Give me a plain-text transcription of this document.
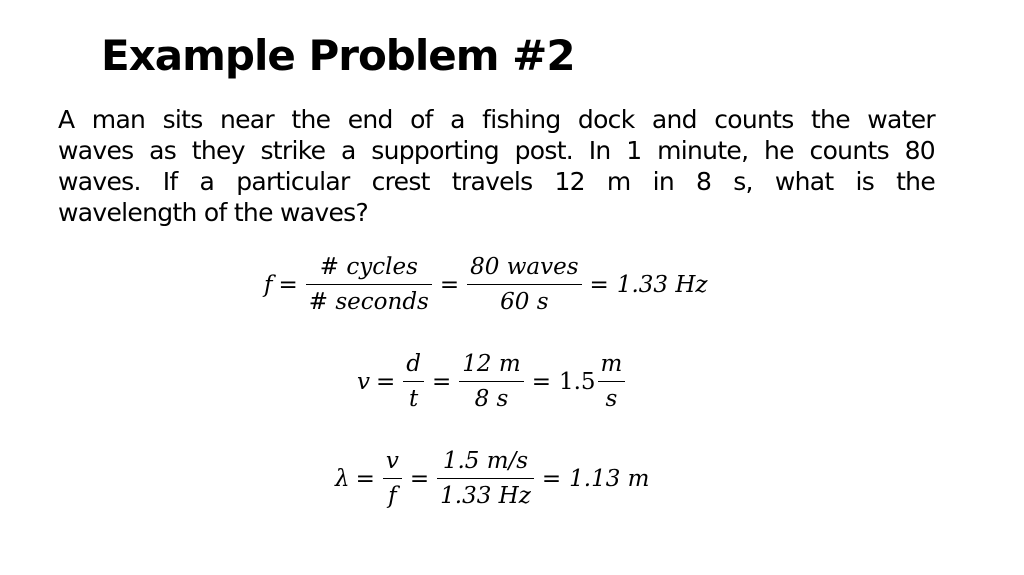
Example Problem #2
A man sits near the end of a fishing dock and counts the water
waves as they strike a supporting post. In 1 minute, he counts 80
waves. If a particular crest travels 12 m in 8 s, what is the
wavelength of the waves?
$f = \frac{\text{\# cycles}}{\text{\# seconds}} = \frac{\text{80 waves}}{60 s} = 1.33$ Hz
$v = \frac{d}{t} = \frac{12 m}{8 s} = 1.5 \frac{m}{s}$
$\lambda = \frac{v}{f} = \frac{1.5 m/s}{1.33 Hz} = 1.13$ m
